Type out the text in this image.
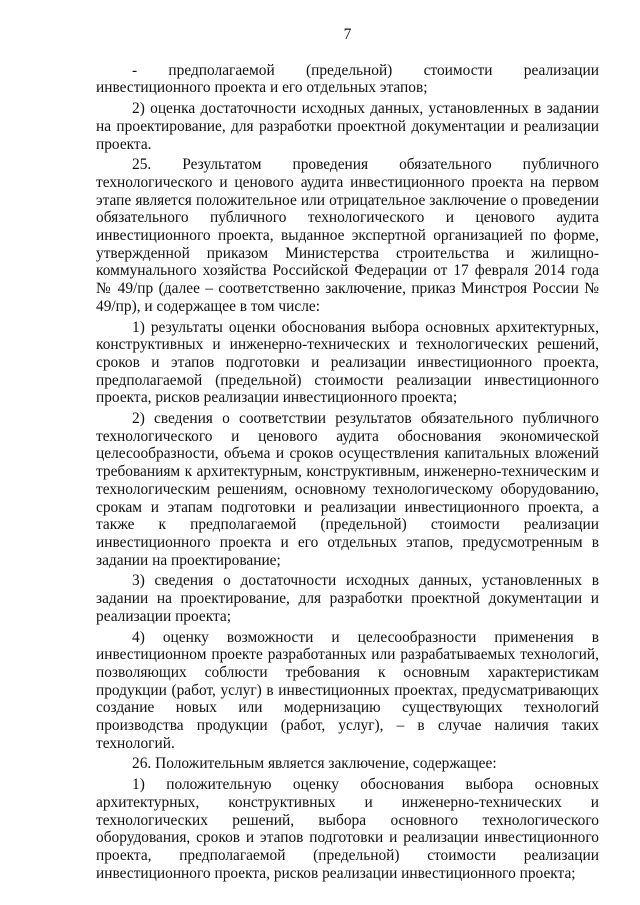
7

- предполагаемой (предельной) стоимости реализации инвестиционного проекта и его отдельных этапов;

2) оценка достаточности исходных данных, установленных в задании на проектирование, для разработки проектной документации и реализации проекта.

25. Результатом проведения обязательного публичного технологического и ценового аудита инвестиционного проекта на первом этапе является положительное или отрицательное заключение о проведении обязательного публичного технологического и ценового аудита инвестиционного проекта, выданное экспертной организацией по форме, утвержденной приказом Министерства строительства и жилищно-коммунального хозяйства Российской Федерации от 17 февраля 2014 года № 49/пр (далее – соответственно заключение, приказ Минстроя России № 49/пр), и содержащее в том числе:

1) результаты оценки обоснования выбора основных архитектурных, конструктивных и инженерно-технических и технологических решений, сроков и этапов подготовки и реализации инвестиционного проекта, предполагаемой (предельной) стоимости реализации инвестиционного проекта, рисков реализации инвестиционного проекта;

2) сведения о соответствии результатов обязательного публичного технологического и ценового аудита обоснования экономической целесообразности, объема и сроков осуществления капитальных вложений требованиям к архитектурным, конструктивным, инженерно-техническим и технологическим решениям, основному технологическому оборудованию, срокам и этапам подготовки и реализации инвестиционного проекта, а также к предполагаемой (предельной) стоимости реализации инвестиционного проекта и его отдельных этапов, предусмотренным в задании на проектирование;

3) сведения о достаточности исходных данных, установленных в задании на проектирование, для разработки проектной документации и реализации проекта;

4) оценку возможности и целесообразности применения в инвестиционном проекте разработанных или разрабатываемых технологий, позволяющих соблюсти требования к основным характеристикам продукции (работ, услуг) в инвестиционных проектах, предусматривающих создание новых или модернизацию существующих технологий производства продукции (работ, услуг), – в случае наличия таких технологий.

26. Положительным является заключение, содержащее:

1) положительную оценку обоснования выбора основных архитектурных, конструктивных и инженерно-технических и технологических решений, выбора основного технологического оборудования, сроков и этапов подготовки и реализации инвестиционного проекта, предполагаемой (предельной) стоимости реализации инвестиционного проекта, рисков реализации инвестиционного проекта;
